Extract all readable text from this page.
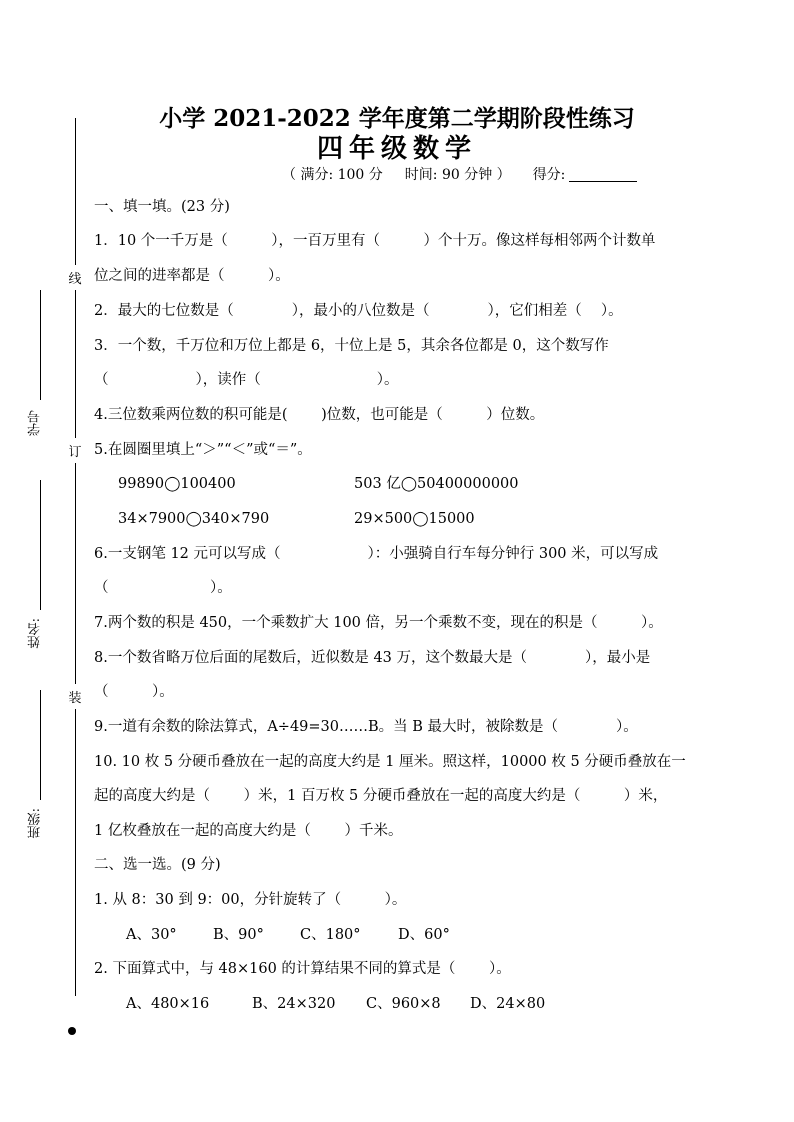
线
订
装
学号
姓名:
班级:
小学 2021-2022 学年度第二学期阶段性练习
四年级数学
（ 满分: 100 分 时间: 90 分钟 ） 得分:
一、填一填。(23 分)
1．10 个一千万是（　　　），一百万里有（　　　）个十万。像这样每相邻两个计数单
位之间的进率都是（　　　）。
2．最大的七位数是（　　　　），最小的八位数是（　　　　），它们相差（　 ）。
3．一个数，千万位和万位上都是 6，十位上是 5，其余各位都是 0，这个数写作
（　　　　　　），读作（　　　　　　　　）。
4.三位数乘两位数的积可能是(　　 )位数，也可能是（　　　）位数。
5.在圆圈里填上“＞”“＜”或“＝”。
99890◯100400	503 亿◯50400000000
34×7900◯340×790	29×500◯15000
6.一支钢笔 12 元可以写成（　　　　　　）：小强骑自行车每分钟行 300 米，可以写成
（　　　　　　　）。
7.两个数的积是 450，一个乘数扩大 100 倍，另一个乘数不变，现在的积是（　　　）。
8.一个数省略万位后面的尾数后，近似数是 43 万，这个数最大是（　　　　），最小是
（　　　）。
9.一道有余数的除法算式，A÷49=30……B。当 B 最大时，被除数是（　　　　）。
10. 10 枚 5 分硬币叠放在一起的高度大约是 1 厘米。照这样，10000 枚 5 分硬币叠放在一
起的高度大约是（　　 ）米，1 百万枚 5 分硬币叠放在一起的高度大约是（　　　）米，
1 亿枚叠放在一起的高度大约是（　　 ）千米。
二、选一选。(9 分)
1. 从 8：30 到 9：00，分针旋转了（　　　）。
A、30°	B、90° C、180°	D、60°
2. 下面算式中，与 48×160 的计算结果不同的算式是（　　 ）。
A、480×16	B、24×320 C、960×8 D、24×80
